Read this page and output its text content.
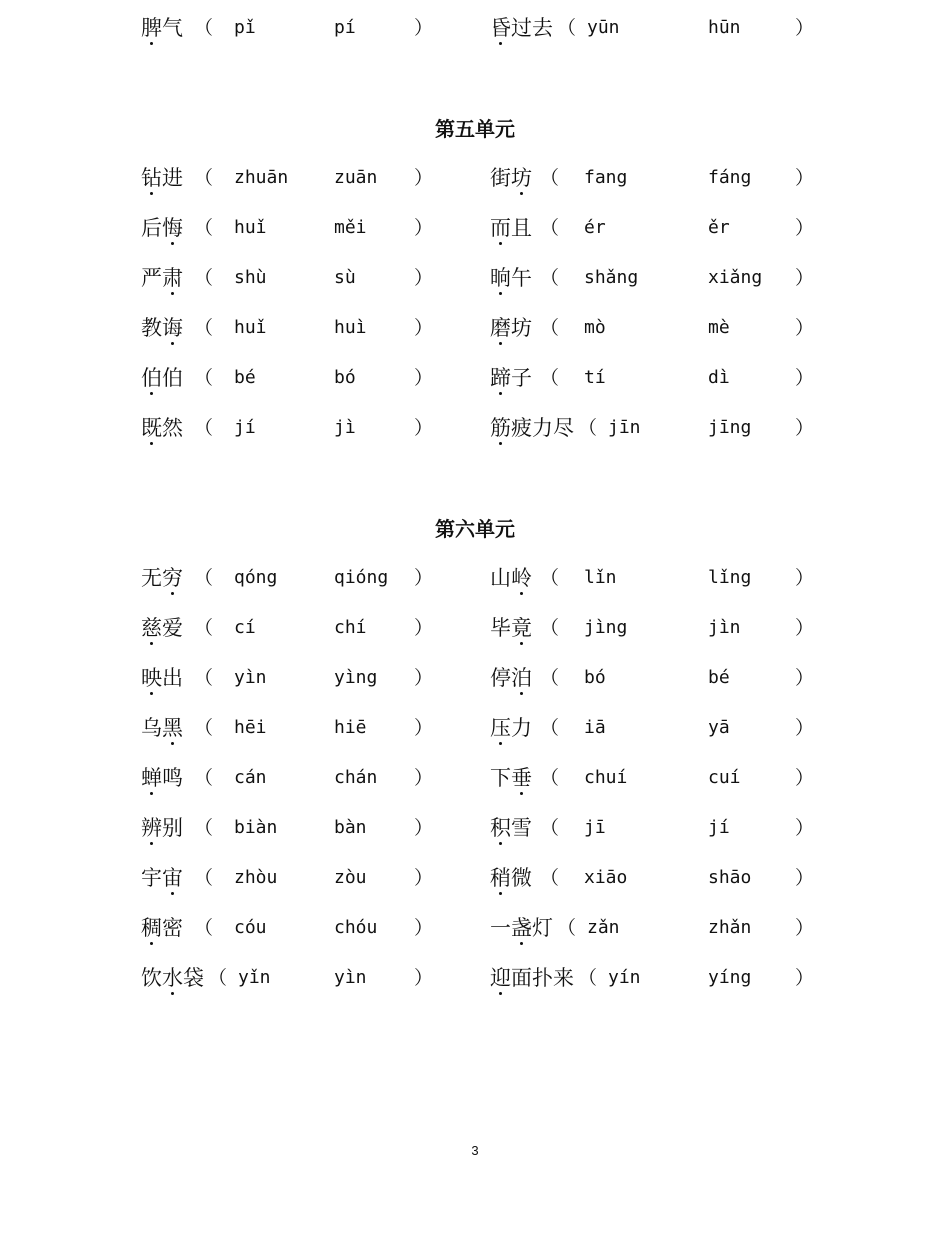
脾气 （ pǐ	pí	）	昏过去 （ yūn	hūn	）
第五单元
钻进 （ zhuān	zuān ）	街坊 （ fang	fáng ）
后悔 （ huǐ	měi ）	而且 （ ér	ěr	）
严肃 （ shù	sù	）	晌午 （ shǎng	xiǎng ）
教诲 （ huǐ	huì ）	磨坊 （ mò	mè	）
伯伯 （ bé	bó	）	蹄子 （ tí	dì	）
既然 （ jí	jì	）	筋疲力尽 （ jīn	jīng ）
第六单元
无穷 （ qóng	qióng ）	山岭 （ lǐn	lǐng ）
慈爱 （ cí	chí ）	毕竟 （ jìng	jìn	）
映出 （ yìn	yìng ）	停泊 （ bó	bé	）
乌黑 （ hēi	hiē ）	压力 （ iā	yā	）
蝉鸣 （ cán	chán ）	下垂 （ chuí	cuí	）
辨别 （ biàn	bàn ）	积雪 （ jī	jí	）
宇宙 （ zhòu	zòu ）	稍微 （ xiāo	shāo ）
稠密 （ cóu	chóu ）	一盏灯 （ zǎn	zhǎn ）
饮水袋 （ yǐn	yìn ）	迎面扑来 （ yín	yíng ）
3
